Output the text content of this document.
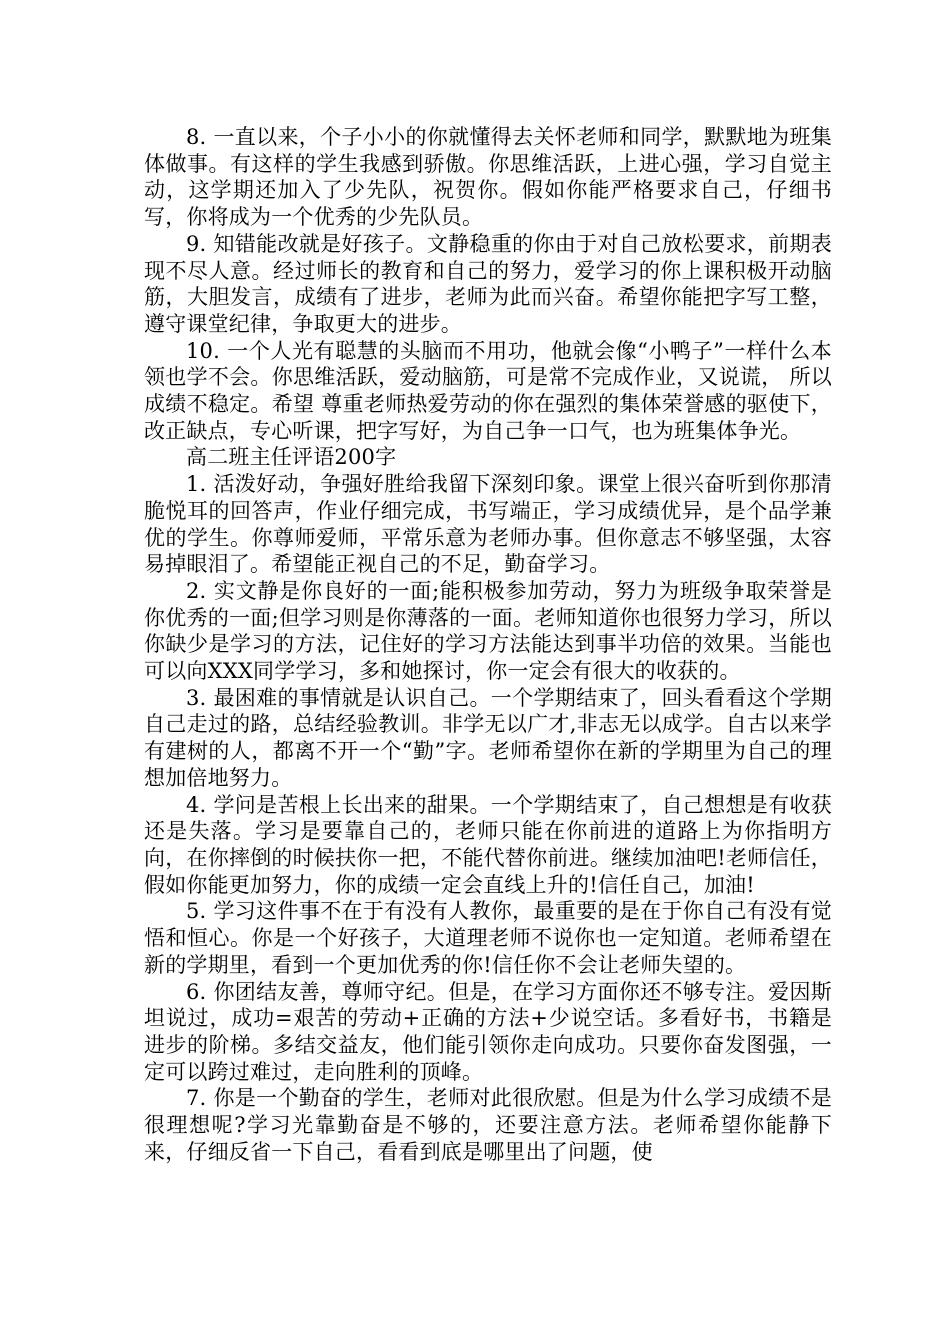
8. 一直以来，个子小小的你就懂得去关怀老师和同学，默默地为班集体做事。有这样的学生我感到骄傲。你思维活跃，上进心强，学习自觉主动，这学期还加入了少先队，祝贺你。假如你能严格要求自己，仔细书写，你将成为一个优秀的少先队员。

9. 知错能改就是好孩子。文静稳重的你由于对自己放松要求，前期表现不尽人意。经过师长的教育和自己的努力，爱学习的你上课积极开动脑筋，大胆发言，成绩有了进步，老师为此而兴奋。希望你能把字写工整，遵守课堂纪律，争取更大的进步。

10. 一个人光有聪慧的头脑而不用功，他就会像“小鸭子”一样什么本领也学不会。你思维活跃，爱动脑筋，可是常不完成作业，又说谎， 所以成绩不稳定。希望 尊重老师热爱劳动的你在强烈的集体荣誉感的驱使下，改正缺点，专心听课，把字写好，为自己争一口气，也为班集体争光。

高二班主任评语200字

1. 活泼好动，争强好胜给我留下深刻印象。课堂上很兴奋听到你那清脆悦耳的回答声，作业仔细完成，书写端正，学习成绩优异，是个品学兼优的学生。你尊师爱师，平常乐意为老师办事。但你意志不够坚强，太容易掉眼泪了。希望能正视自己的不足，勤奋学习。

2. 实文静是你良好的一面;能积极参加劳动，努力为班级争取荣誉是你优秀的一面;但学习则是你薄落的一面。老师知道你也很努力学习，所以你缺少是学习的方法，记住好的学习方法能达到事半功倍的效果。当能也可以向XXX同学学习，多和她探讨，你一定会有很大的收获的。

3. 最困难的事情就是认识自己。一个学期结束了，回头看看这个学期自己走过的路，总结经验教训。非学无以广才,非志无以成学。自古以来学有建树的人，都离不开一个“勤”字。老师希望你在新的学期里为自己的理想加倍地努力。

4. 学问是苦根上长出来的甜果。一个学期结束了，自己想想是有收获还是失落。学习是要靠自己的，老师只能在你前进的道路上为你指明方向，在你摔倒的时候扶你一把，不能代替你前进。继续加油吧!老师信任，假如你能更加努力，你的成绩一定会直线上升的!信任自己，加油!

5. 学习这件事不在于有没有人教你，最重要的是在于你自己有没有觉悟和恒心。你是一个好孩子，大道理老师不说你也一定知道。老师希望在新的学期里，看到一个更加优秀的你!信任你不会让老师失望的。

6. 你团结友善，尊师守纪。但是，在学习方面你还不够专注。爱因斯坦说过，成功=艰苦的劳动+正确的方法+少说空话。多看好书，书籍是进步的阶梯。多结交益友，他们能引领你走向成功。只要你奋发图强，一定可以跨过难过，走向胜利的顶峰。

7. 你是一个勤奋的学生，老师对此很欣慰。但是为什么学习成绩不是很理想呢?学习光靠勤奋是不够的，还要注意方法。老师希望你能静下来，仔细反省一下自己，看看到底是哪里出了问题，使
